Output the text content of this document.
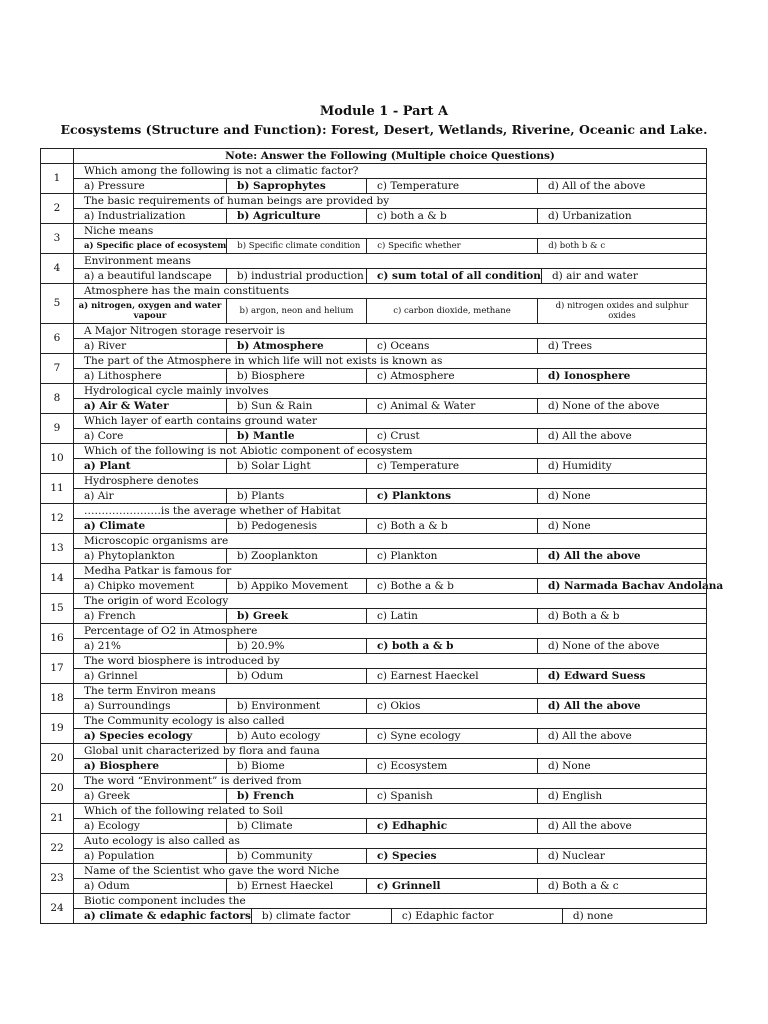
Module 1 - Part A
Ecosystems (Structure and Function): Forest, Desert, Wetlands, Riverine, Oceanic and Lake.
	Note: Answer the Following (Multiple choice Questions)
1	Which among the following is not a climatic factor?

a) Pressure b) Saprophytes c) Temperature d) All of the above

2	The basic requirements of human beings are provided by

a) Industrialization b) Agriculture c) both a & b d) Urbanization

3	Niche means

a) Specific place of ecosystem b) Specific climate condition c) Specific whether d) both b & c

4	Environment means

a) a beautiful landscape b) industrial production c) sum total of all condition d) air and water

5	Atmosphere has the main constituents

a) nitrogen, oxygen and water vapour b) argon, neon and helium c) carbon dioxide, methane d) nitrogen oxides and sulphur oxides

6	A Major Nitrogen storage reservoir is

a) River b) Atmosphere c) Oceans d) Trees

7	The part of the Atmosphere in which life will not exists is known as

a) Lithosphere b) Biosphere c) Atmosphere d) Ionosphere

8	Hydrological cycle mainly involves

a) Air & Water b) Sun & Rain c) Animal & Water d) None of the above

9	Which layer of earth contains ground water

a) Core b) Mantle c) Crust d) All the above

10	Which of the following is not Abiotic component of ecosystem

a) Plant b) Solar Light c) Temperature d) Humidity

11	Hydrosphere denotes

a) Air b) Plants c) Planktons d) None

12	………………….is the average whether of Habitat

a) Climate b) Pedogenesis c) Both a & b d) None

13	Microscopic organisms are

a) Phytoplankton b) Zooplankton c) Plankton d) All the above

14	Medha Patkar is famous for

a) Chipko movement b) Appiko Movement c) Bothe a & b d) Narmada Bachav Andolana

15	The origin of word Ecology

a) French b) Greek c) Latin d) Both a & b

16	Percentage of O2 in Atmosphere

a) 21% b) 20.9% c) both a & b d) None of the above

17	The word biosphere is introduced by

a) Grinnel b) Odum c) Earnest Haeckel d) Edward Suess

18	The term Environ means

a) Surroundings b) Environment c) Okios d) All the above

19	The Community ecology is also called

a) Species ecology b) Auto ecology c) Syne ecology d) All the above

20	Global unit characterized by flora and fauna

a) Biosphere b) Biome c) Ecosystem d) None

20	The word “Environment” is derived from

a) Greek b) French c) Spanish d) English

21	Which of the following related to Soil

a) Ecology b) Climate c) Edhaphic d) All the above

22	Auto ecology is also called as

a) Population b) Community c) Species d) Nuclear

23	Name of the Scientist who gave the word Niche

a) Odum b) Ernest Haeckel c) Grinnell d) Both a & c

24	Biotic component includes the

a) climate & edaphic factors b) climate factor c) Edaphic factor d) none
